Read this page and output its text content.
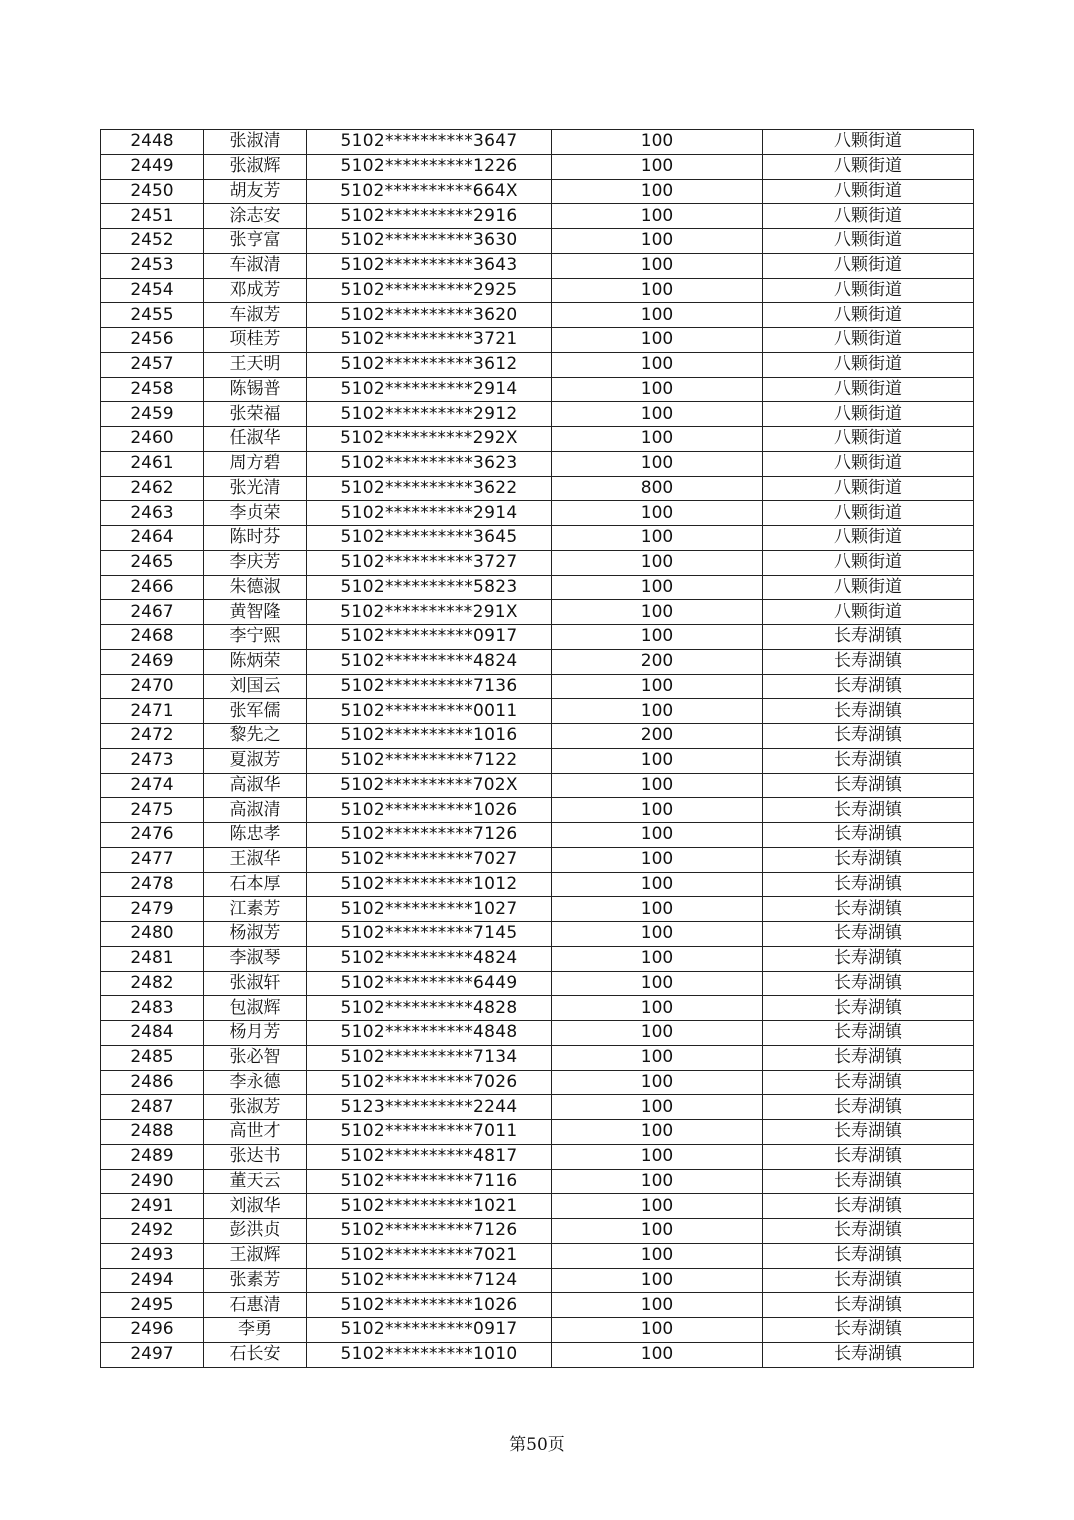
2448	张淑清	5102**********3647	100	八颗街道
2449	张淑辉	5102**********1226	100	八颗街道
2450	胡友芳	5102**********664X	100	八颗街道
2451	涂志安	5102**********2916	100	八颗街道
2452	张亨富	5102**********3630	100	八颗街道
2453	车淑清	5102**********3643	100	八颗街道
2454	邓成芳	5102**********2925	100	八颗街道
2455	车淑芳	5102**********3620	100	八颗街道
2456	项桂芳	5102**********3721	100	八颗街道
2457	王天明	5102**********3612	100	八颗街道
2458	陈锡普	5102**********2914	100	八颗街道
2459	张荣福	5102**********2912	100	八颗街道
2460	任淑华	5102**********292X	100	八颗街道
2461	周方碧	5102**********3623	100	八颗街道
2462	张光清	5102**********3622	800	八颗街道
2463	李贞荣	5102**********2914	100	八颗街道
2464	陈时芬	5102**********3645	100	八颗街道
2465	李庆芳	5102**********3727	100	八颗街道
2466	朱德淑	5102**********5823	100	八颗街道
2467	黄智隆	5102**********291X	100	八颗街道
2468	李宁熙	5102**********0917	100	长寿湖镇
2469	陈炳荣	5102**********4824	200	长寿湖镇
2470	刘国云	5102**********7136	100	长寿湖镇
2471	张军儒	5102**********0011	100	长寿湖镇
2472	黎先之	5102**********1016	200	长寿湖镇
2473	夏淑芳	5102**********7122	100	长寿湖镇
2474	高淑华	5102**********702X	100	长寿湖镇
2475	高淑清	5102**********1026	100	长寿湖镇
2476	陈忠孝	5102**********7126	100	长寿湖镇
2477	王淑华	5102**********7027	100	长寿湖镇
2478	石本厚	5102**********1012	100	长寿湖镇
2479	江素芳	5102**********1027	100	长寿湖镇
2480	杨淑芳	5102**********7145	100	长寿湖镇
2481	李淑琴	5102**********4824	100	长寿湖镇
2482	张淑轩	5102**********6449	100	长寿湖镇
2483	包淑辉	5102**********4828	100	长寿湖镇
2484	杨月芳	5102**********4848	100	长寿湖镇
2485	张必智	5102**********7134	100	长寿湖镇
2486	李永德	5102**********7026	100	长寿湖镇
2487	张淑芳	5123**********2244	100	长寿湖镇
2488	高世才	5102**********7011	100	长寿湖镇
2489	张达书	5102**********4817	100	长寿湖镇
2490	董天云	5102**********7116	100	长寿湖镇
2491	刘淑华	5102**********1021	100	长寿湖镇
2492	彭洪贞	5102**********7126	100	长寿湖镇
2493	王淑辉	5102**********7021	100	长寿湖镇
2494	张素芳	5102**********7124	100	长寿湖镇
2495	石惠清	5102**********1026	100	长寿湖镇
2496	李勇	5102**********0917	100	长寿湖镇
2497	石长安	5102**********1010	100	长寿湖镇
第50页
